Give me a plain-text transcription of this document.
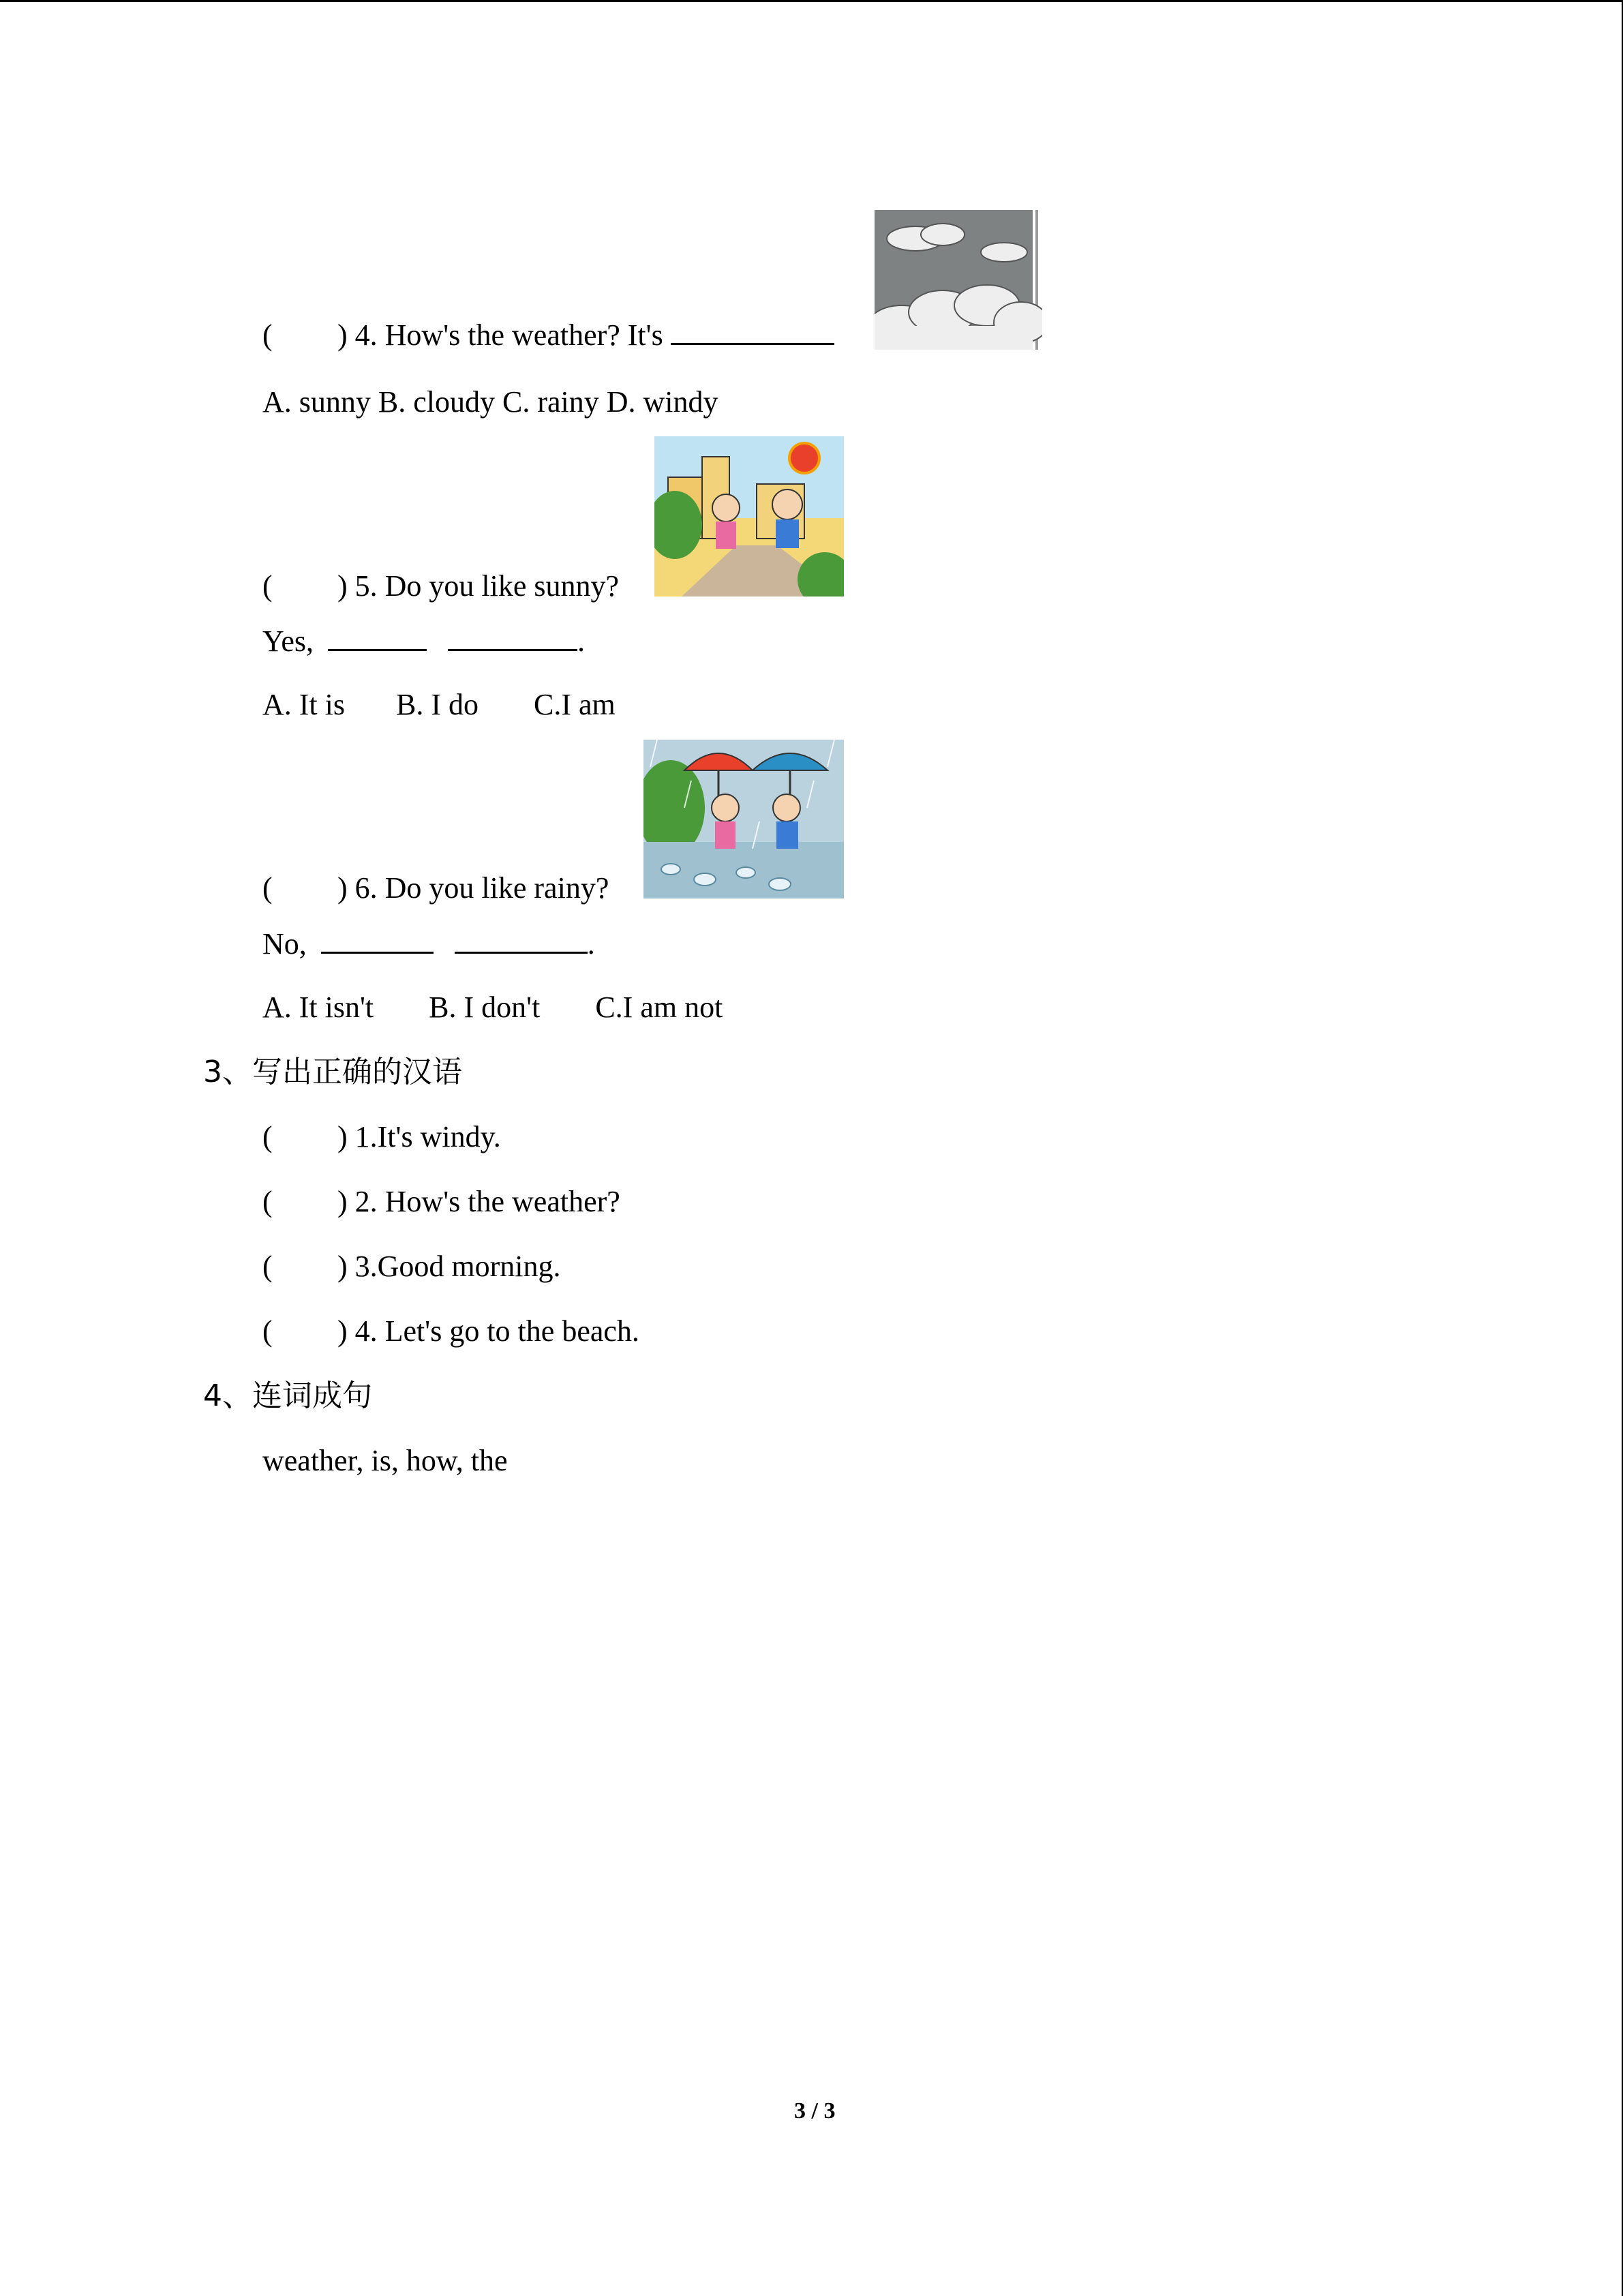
( ) 4. How's the weather? It's
A. sunny B. cloudy C. rainy D. windy
( ) 5. Do you like sunny?
Yes,	.
A. It is B. I do C.I am
( ) 6. Do you like rainy?
No,	.
A. It isn't B. I don't C.I am not
3、写出正确的汉语
( ) 1.It's windy.
( ) 2. How's the weather?
( ) 3.Good morning.
( ) 4. Let's go to the beach.
4、连词成句
weather, is, how, the
3 / 3
